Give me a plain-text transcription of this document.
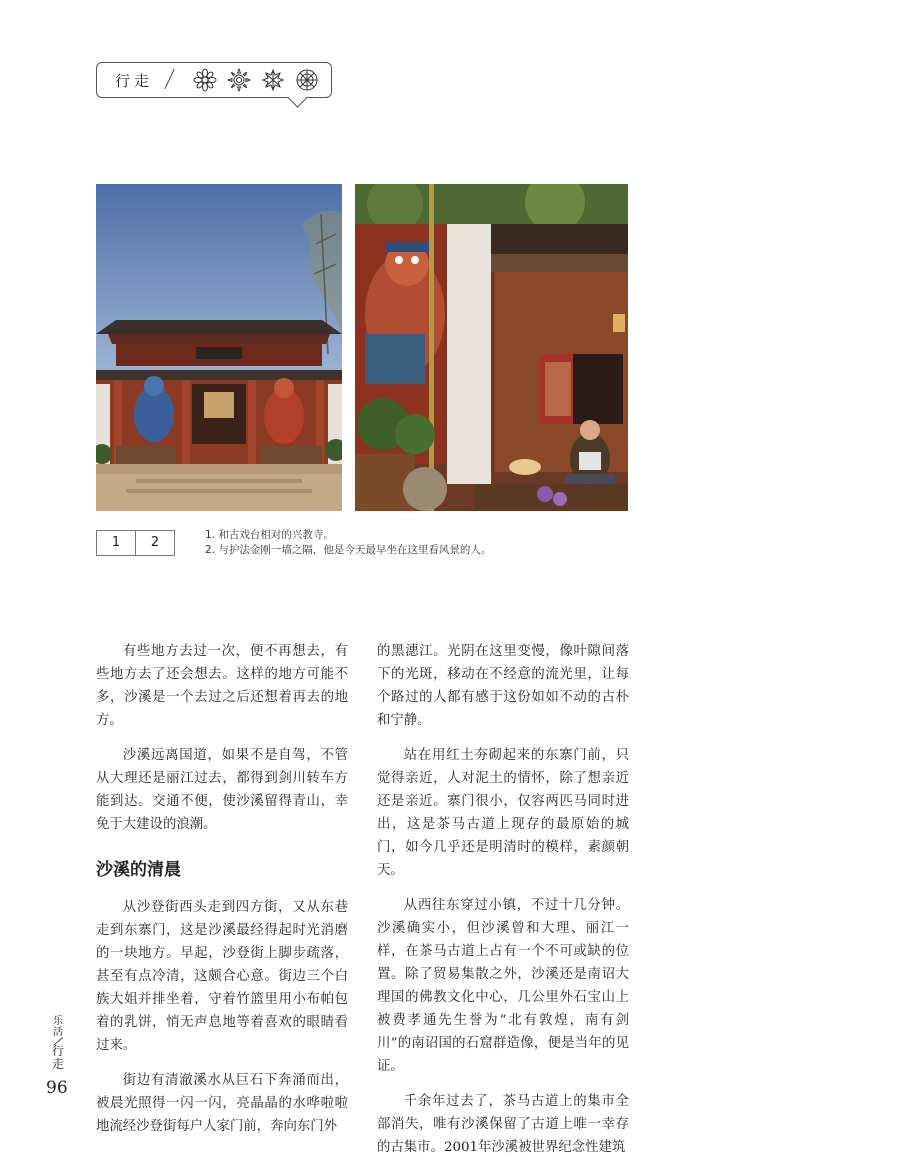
行走
1	2	1. 和古戏台相对的兴教寺。
2. 与护法金刚一墙之隔，他是今天最早坐在这里看风景的人。

有些地方去过一次，便不再想去，有些地方去了还会想去。这样的地方可能不多，沙溪是一个去过之后还想着再去的地方。

沙溪远离国道，如果不是自驾，不管从大理还是丽江过去，都得到剑川转车方能到达。交通不便，使沙溪留得青山，幸免于大建设的浪潮。

沙溪的清晨

从沙登街西头走到四方街，又从东巷走到东寨门，这是沙溪最经得起时光消磨的一块地方。早起，沙登街上脚步疏落，甚至有点冷清，这颇合心意。街边三个白族大姐并排坐着，守着竹篮里用小布帕包着的乳饼，悄无声息地等着喜欢的眼睛看过来。

街边有清澈溪水从巨石下奔涌而出，被晨光照得一闪一闪，亮晶晶的水哗啦啦地流经沙登街每户人家门前，奔向东门外

的黑潓江。光阴在这里变慢，像叶隙间落下的光斑，移动在不经意的流光里，让每个路过的人都有感于这份如如不动的古朴和宁静。

站在用红土夯砌起来的东寨门前，只觉得亲近，人对泥土的情怀，除了想亲近还是亲近。寨门很小，仅容两匹马同时进出，这是茶马古道上现存的最原始的城门，如今几乎还是明清时的模样，素颜朝天。

从西往东穿过小镇，不过十几分钟。沙溪确实小，但沙溪曾和大理、丽江一样，在茶马古道上占有一个不可或缺的位置。除了贸易集散之外，沙溪还是南诏大理国的佛教文化中心，几公里外石宝山上被费孝通先生誉为“北有敦煌，南有剑川”的南诏国的石窟群造像，便是当年的见证。

千余年过去了，茶马古道上的集市全部消失，唯有沙溪保留了古道上唯一幸存的古集市。2001年沙溪被世界纪念性建筑

乐活
行走
96
